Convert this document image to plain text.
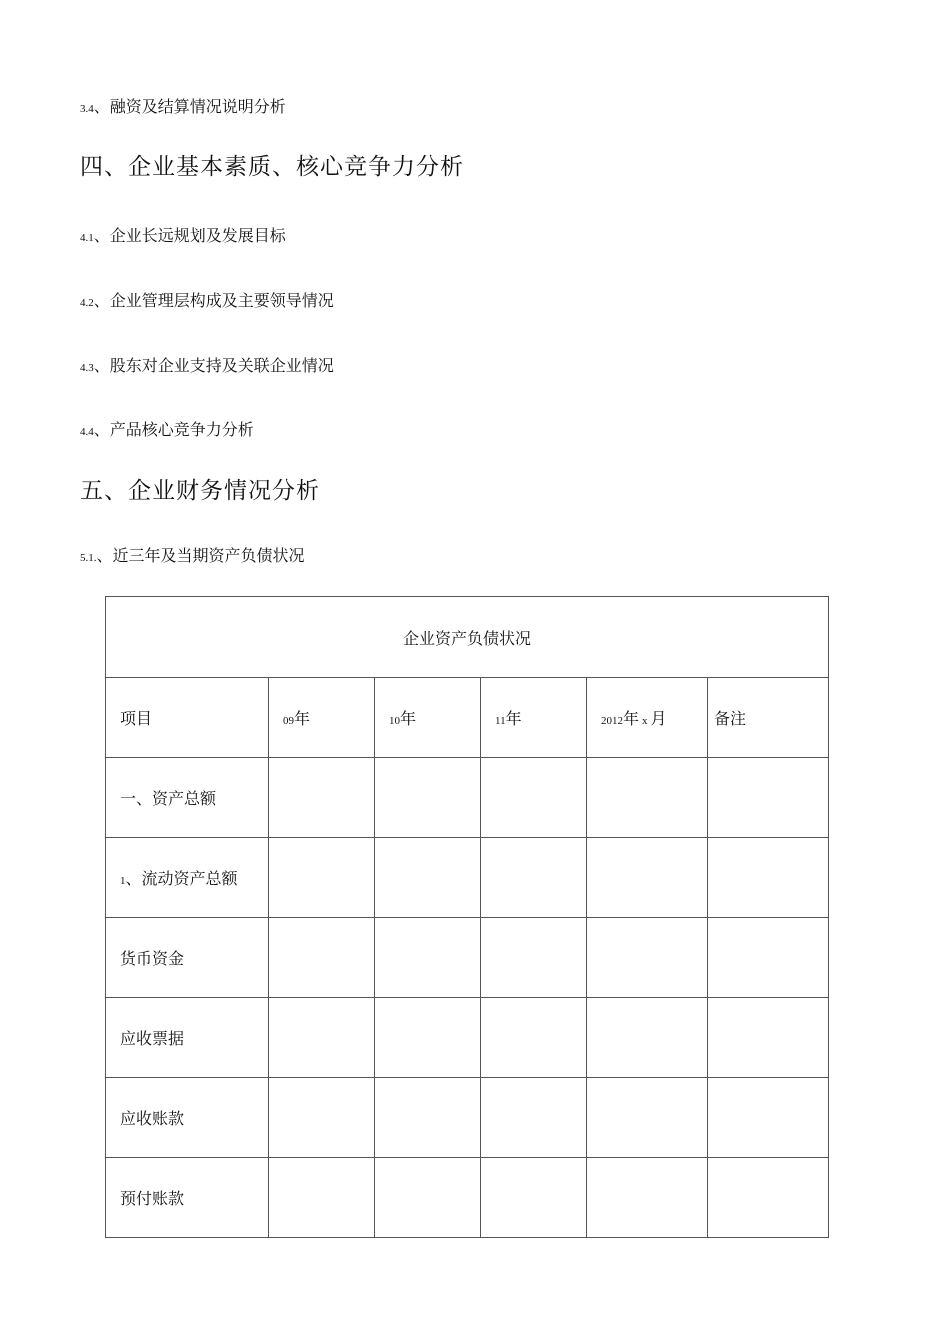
3.4、融资及结算情况说明分析
四、企业基本素质、核心竞争力分析
4.1、企业长远规划及发展目标
4.2、企业管理层构成及主要领导情况
4.3、股东对企业支持及关联企业情况
4.4、产品核心竞争力分析
五、企业财务情况分析
5.1.、近三年及当期资产负债状况
企业资产负债状况					
项目	09年	10年	11年	2012年 x 月	备注
一、资产总额					
1、流动资产总额					
货币资金					
应收票据					
应收账款					
预付账款					
